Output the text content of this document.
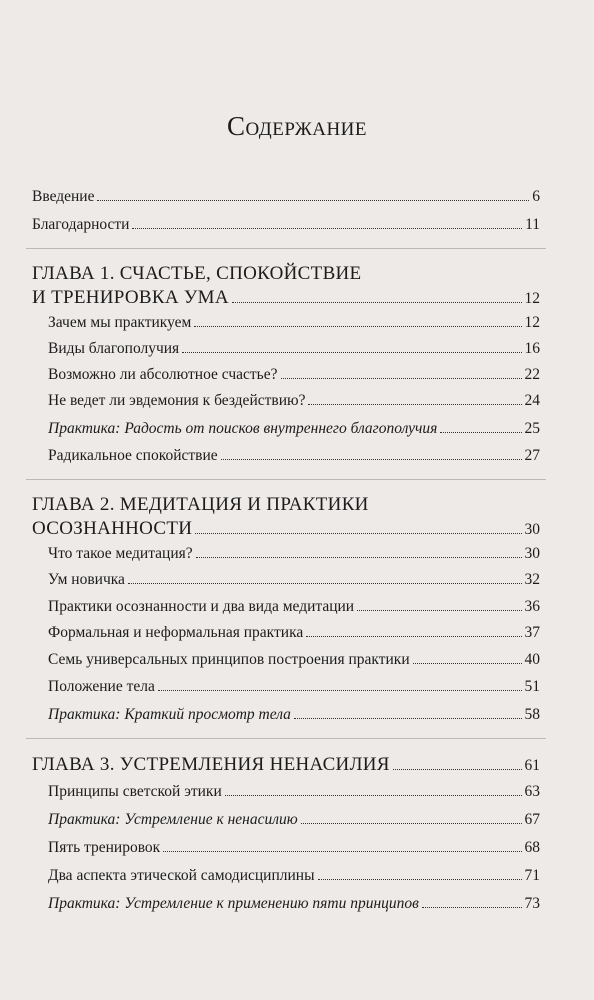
Содержание
Введение	6
Благодарности	11
ГЛАВА 1. СЧАСТЬЕ, СПОКОЙСТВИЕ
И ТРЕНИРОВКА УМА	12
Зачем мы практикуем	12
Виды благополучия	16
Возможно ли абсолютное счастье?	22
Не ведет ли эвдемония к бездействию?	24
Практика: Радость от поисков внутреннего благополучия	25
Радикальное спокойствие	27
ГЛАВА 2. МЕДИТАЦИЯ И ПРАКТИКИ
ОСОЗНАННОСТИ	30
Что такое медитация?	30
Ум новичка	32
Практики осознанности и два вида медитации	36
Формальная и неформальная практика	37
Семь универсальных принципов построения практики	40
Положение тела	51
Практика: Краткий просмотр тела	58
ГЛАВА 3. УСТРЕМЛЕНИЯ НЕНАСИЛИЯ	61
Принципы светской этики	63
Практика: Устремление к ненасилию	67
Пять тренировок	68
Два аспекта этической самодисциплины	71
Практика: Устремление к применению пяти принципов	73
